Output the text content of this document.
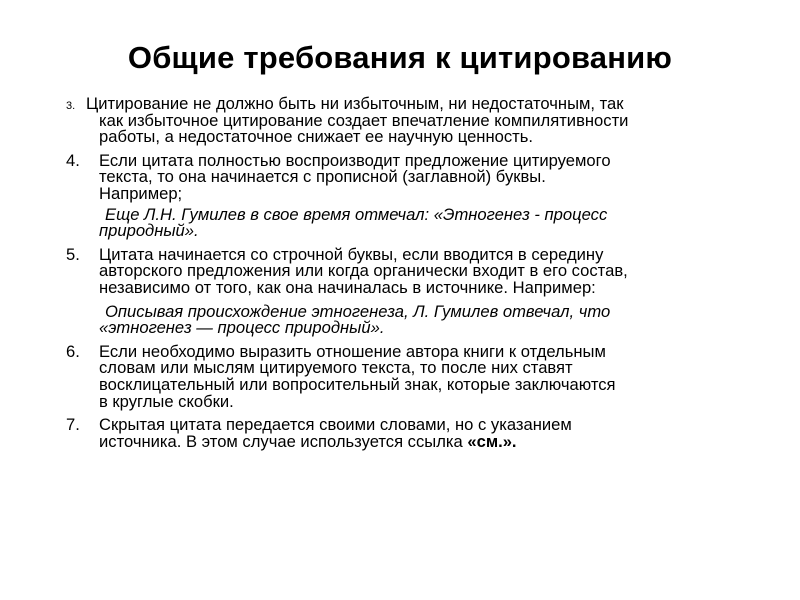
Общие требования к цитированию
3. Цитирование не должно быть ни избыточным, ни недостаточным, так
как избыточное цитирование создает впечатление компилятивности
работы, а недостаточное снижает ее научную ценность.
4. Если цитата полностью воспроизводит предложение цитируемого
текста, то она начинается с прописной (заглавной) буквы.
Например;
Еще Л.Н. Гумилев в свое время отмечал: «Этногенез - процесс
природный».
5. Цитата начинается со строчной буквы, если вводится в середину
авторского предложения или когда органически входит в его состав,
независимо от того, как она начиналась в источнике. Например:
Описывая происхождение этногенеза, Л. Гумилев отвечал, что
«этногенез — процесс природный».
6. Если необходимо выразить отношение автора книги к отдельным
словам или мыслям цитируемого текста, то после них ставят
восклицательный или вопросительный знак, которые заключаются
в круглые скобки.
7. Скрытая цитата передается своими словами, но с указанием
источника. В этом случае используется ссылка «см.».
